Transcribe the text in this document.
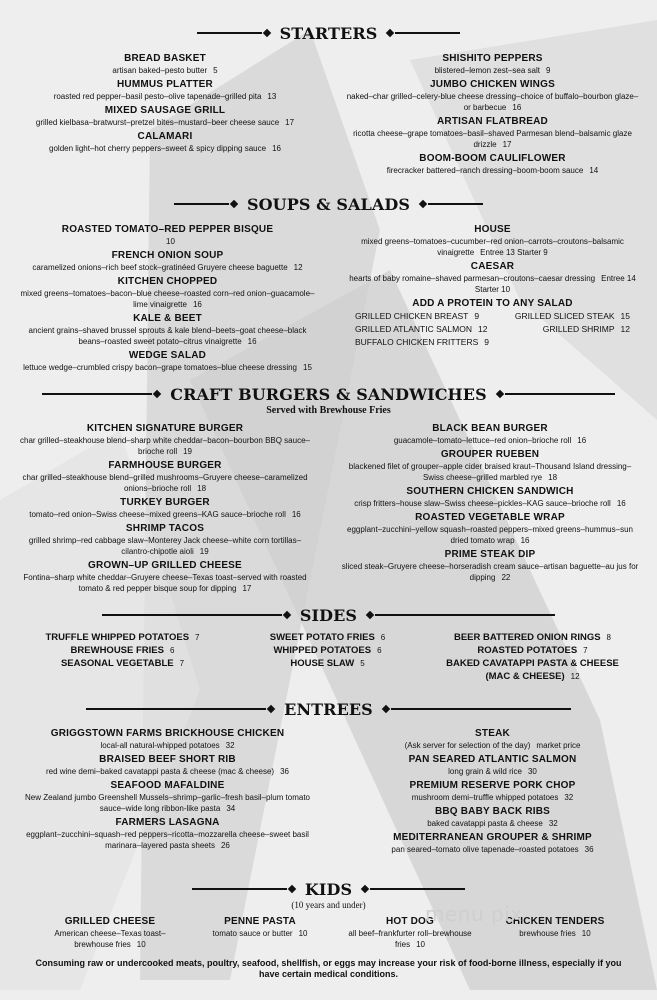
STARTERS
BREAD BASKET
artisan baked–pesto butter 5
HUMMUS PLATTER
roasted red pepper–basil pesto–olive tapenade–grilled pita 13
MIXED SAUSAGE GRILL
grilled kielbasa–bratwurst–pretzel bites–mustard–beer cheese sauce 17
CALAMARI
golden light–hot cherry peppers–sweet & spicy dipping sauce 16
SHISHITO PEPPERS
blistered–lemon zest–sea salt 9
JUMBO CHICKEN WINGS
naked–char grilled–celery-blue cheese dressing–choice of buffalo–bourbon glaze–or barbecue 16
ARTISAN FLATBREAD
ricotta cheese–grape tomatoes–basil–shaved Parmesan blend–balsamic glaze drizzle 17
BOOM-BOOM CAULIFLOWER
firecracker battered–ranch dressing–boom-boom sauce 14
SOUPS & SALADS
ROASTED TOMATO–RED PEPPER BISQUE
10
FRENCH ONION SOUP
caramelized onions–rich beef stock–gratinéed Gruyere cheese baguette 12
KITCHEN CHOPPED
mixed greens–tomatoes–bacon–blue cheese–roasted corn–red onion–guacamole–lime vinaigrette 16
KALE & BEET
ancient grains–shaved brussel sprouts & kale blend–beets–goat cheese–black beans–roasted sweet potato–citrus vinaigrette 16
WEDGE SALAD
lettuce wedge–crumbled crispy bacon–grape tomatoes–blue cheese dressing 15
HOUSE
mixed greens–tomatoes–cucumber–red onion–carrots–croutons–balsamic vinaigrette Entree 13 Starter 9
CAESAR
hearts of baby romaine–shaved parmesan–croutons–caesar dressing Entree 14 Starter 10
ADD A PROTEIN TO ANY SALAD
GRILLED CHICKEN BREAST 9	GRILLED SLICED STEAK 15
GRILLED ATLANTIC SALMON 12	GRILLED SHRIMP 12
BUFFALO CHICKEN FRITTERS 9
CRAFT BURGERS & SANDWICHES
Served with Brewhouse Fries
KITCHEN SIGNATURE BURGER
char grilled–steakhouse blend–sharp white cheddar–bacon–bourbon BBQ sauce–brioche roll 19
FARMHOUSE BURGER
char grilled–steakhouse blend–grilled mushrooms–Gruyere cheese–caramelized onions–brioche roll 18
TURKEY BURGER
tomato–red onion–Swiss cheese–mixed greens–KAG sauce–brioche roll 16
SHRIMP TACOS
grilled shrimp–red cabbage slaw–Monterey Jack cheese–white corn tortillas–cilantro-chipotle aioli 19
GROWN–UP GRILLED CHEESE
Fontina–sharp white cheddar–Gruyere cheese–Texas toast–served with roasted tomato & red pepper bisque soup for dipping 17
BLACK BEAN BURGER
guacamole–tomato–lettuce–red onion–brioche roll 16
GROUPER RUEBEN
blackened filet of grouper–apple cider braised kraut–Thousand Island dressing–Swiss cheese–grilled marbled rye 18
SOUTHERN CHICKEN SANDWICH
crisp fritters–house slaw–Swiss cheese–pickles–KAG sauce–brioche roll 16
ROASTED VEGETABLE WRAP
eggplant–zucchini–yellow squash–roasted peppers–mixed greens–hummus–sun dried tomato wrap 16
PRIME STEAK DIP
sliced steak–Gruyere cheese–horseradish cream sauce–artisan baguette–au jus for dipping 22
SIDES
TRUFFLE WHIPPED POTATOES 7
BREWHOUSE FRIES 6
SEASONAL VEGETABLE 7
SWEET POTATO FRIES 6
WHIPPED POTATOES 6
HOUSE SLAW 5
BEER BATTERED ONION RINGS 8
ROASTED POTATOES 7
BAKED CAVATAPPI PASTA & CHEESE
(MAC & CHEESE) 12
ENTREES
GRIGGSTOWN FARMS BRICKHOUSE CHICKEN
local-all natural-whipped potatoes 32
BRAISED BEEF SHORT RIB
red wine demi–baked cavatappi pasta & cheese (mac & cheese) 36
SEAFOOD MAFALDINE
New Zealand jumbo Greenshell Mussels–shrimp–garlic–fresh basil–plum tomato sauce–wide long ribbon-like pasta 34
FARMERS LASAGNA
eggplant–zucchini–squash–red peppers–ricotta–mozzarella cheese–sweet basil marinara–layered pasta sheets 26
STEAK
(Ask server for selection of the day) market price
PAN SEARED ATLANTIC SALMON
long grain & wild rice 30
PREMIUM RESERVE PORK CHOP
mushroom demi–truffle whipped potatoes 32
BBQ BABY BACK RIBS
baked cavatappi pasta & cheese 32
MEDITERRANEAN GROUPER & SHRIMP
pan seared–tomato olive tapenade–roasted potatoes 36
KIDS
(10 years and under)
GRILLED CHEESE
American cheese–Texas toast–brewhouse fries 10
PENNE PASTA
tomato sauce or butter 10
HOT DOG
all beef–frankfurter roll–brewhouse fries 10
CHICKEN TENDERS
brewhouse fries 10
menu pix
Consuming raw or undercooked meats, poultry, seafood, shellfish, or eggs may increase your risk of food-borne illness, especially if you have certain medical conditions.
